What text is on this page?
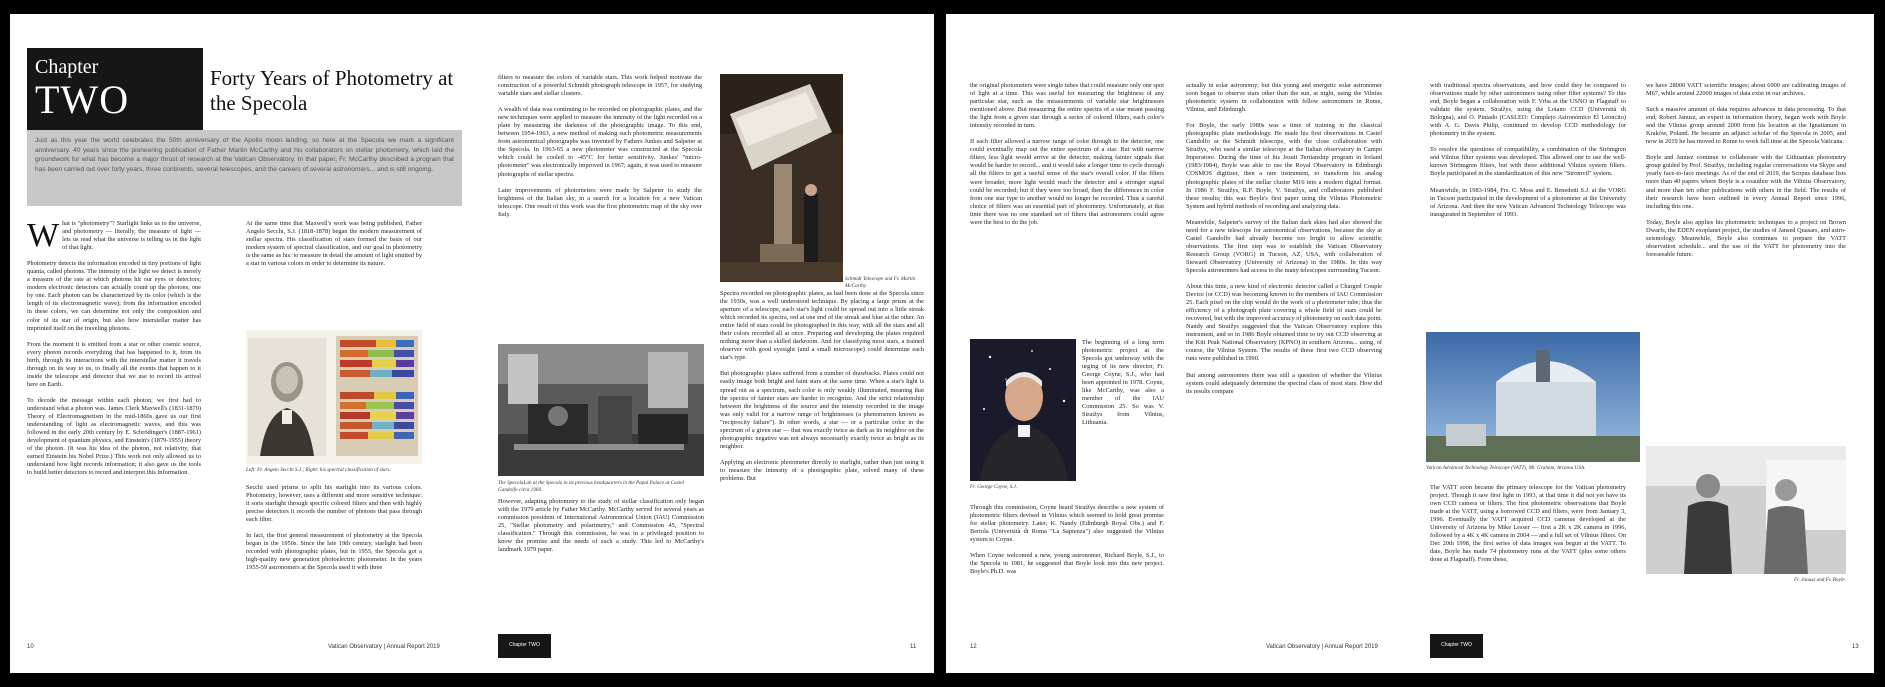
Chapter
TWO	Forty Years of Photometry at the Specola
Just as this year the world celebrates the 50th anniversary of the Apollo moon landing, so here at the Specola we mark a significant anniversary. 40 years since the pioneering publication of Father Martin McCarthy and his collaborators on stellar photometry, which laid the groundwork for what has become a major thrust of research at the Vatican Observatory. In that paper, Fr. McCarthy described a program that has been carried out over forty years, three continents, several telescopes, and the careers of several astronomers... and is still ongoing.

What is "photometry"? Starlight links us to the universe, and photometry — literally, the measure of light — lets us read what the universe is telling us in the light of that light.

Photometry detects the information encoded in tiny portions of light quanta, called photons. The intensity of the light we detect is merely a measure of the rate at which photons hit our eyes or detectors; modern electronic detectors can actually count up the photons, one by one. Each photon can be characterized by its color (which is the length of its electromagnetic wave); from the information encoded in these colors, we can determine not only the composition and color of its star of origin, but also how interstellar matter has imprinted itself on the traveling photons.

From the moment it is emitted from a star or other cosmic source, every photon records everything that has happened to it, from its birth, through its interactions with the interstellar matter it travels through on its way to us, to finally all the events that happen to it inside the telescope and detector that we use to record its arrival here on Earth.

To decode the message within each photon, we first had to understand what a photon was. James Clerk Maxwell's (1831-1879) Theory of Electromagnetism in the mid-1860s gave us our first understanding of light as electromagnetic waves, and this was followed in the early 20th century by E. Schrödinger's (1887-1961) development of quantum physics, and Einstein's (1879-1955) theory of the photon. (It was his idea of the photon, not relativity, that earned Einstein his Nobel Prize.) This work not only allowed us to understand how light records information; it also gave us the tools to build better detectors to record and interpret this information.

At the same time that Maxwell's work was being published, Father Angelo Secchi, S.J. (1818-1878) began the modern measurement of stellar spectra. His classification of stars formed the basis of our modern system of spectral classification, and our goal in photometry is the same as his: to measure in detail the amount of light emitted by a star in various colors in order to determine its nature.

Left: Fr. Angelo Secchi S.J.; Right: his spectral classification of stars.

Secchi used prisms to split his starlight into its various colors. Photometry, however, uses a different and more sensitive technique: it sorts starlight through specific colored filters and then with highly precise detectors it records the number of photons that pass through each filter.

In fact, the first general measurement of photometry at the Specola began in the 1950s. Since the late 19th century, starlight had been recorded with photographic plates, but in 1955, the Specola got a high-quality new generation photoelectric photometer. In the years 1955-59 astronomers at the Specola used it with three

filters to measure the colors of variable stars. This work helped motivate the construction of a powerful Schmidt photograph telescope in 1957, for studying variable stars and stellar clusters.

A wealth of data was continuing to be recorded on photographic plates, and the new techniques were applied to measure the intensity of the light recorded on a plate by measuring the darkness of the photographic image. To this end, between 1954-1963, a new method of making such photometric measurements from astronomical photographs was invented by Fathers Junkes and Salpeter at the Specola. In 1963-65 a new photometer was constructed at the Specola which could be cooled to -45°C for better sensitivity. Junkes' "micro-photometer" was electronically improved in 1967; again, it was used to measure photographs of stellar spectra.

Later improvements of photometers were made by Salpeter to study the brightness of the Italian sky, in a search for a location for a new Vatican telescope. One result of this work was the first photometric map of the sky over Italy.

The SpecolaLab at the Specola in its previous headquarters in the Papal Palace at Castel Gandolfo circa 1960.

However, adapting photometry to the study of stellar classification only began with the 1979 article by Father McCarthy. McCarthy served for several years as commission president of International Astronomical Union (IAU) Commission 25, "Stellar photometry and polarimetry," and Commission 45, "Spectral classification." Through this commission, he was in a privileged position to know the promise and the needs of such a study. This led to McCarthy's landmark 1979 paper.

Schmidt Telescope and Fr. Martin McCarthy.

Spectra recorded on photographic plates, as had been done at the Specola since the 1930s, was a well understood technique. By placing a large prism at the aperture of a telescope, each star's light could be spread out into a little streak which recorded its spectra, red at one end of the streak and blue at the other. An entire field of stars could be photographed in this way, with all the stars and all their colors recorded all at once. Preparing and developing the plates required nothing more than a skilled darkroom. And for classifying most stars, a trained observer with good eyesight (and a small microscope) could determine each star's type.

But photographic plates suffered from a number of drawbacks. Plates could not easily image both bright and faint stars at the same time. When a star's light is spread out as a spectrum, each color is only weakly illuminated, meaning that the spectra of fainter stars are harder to recognize. And the strict relationship between the brightness of the source and the intensity recorded in the image was only valid for a narrow range of brightnesses (a phenomenon known as "reciprocity failure"). In other words, a star — or a particular color in the spectrum of a given star — that was exactly twice as dark as its neighbor on the photographic negative was not always necessarily exactly twice as bright as its neighbor.

Applying an electronic photometer directly to starlight, rather than just using it to measure the intensity of a photographic plate, solved many of these problems. But

10	Vatican Observatory | Annual Report 2019	Chapter TWO	11

the original photometers were single tubes that could measure only one spot of light at a time. This was useful for measuring the brightness of any particular star, such as the measurements of variable star brightnesses mentioned above. But measuring the entire spectra of a star meant passing the light from a given star through a series of colored filters, each color's intensity recorded in turn.

If each filter allowed a narrow range of color through to the detector, one could eventually map out the entire spectrum of a star. But with narrow filters, less light would arrive at the detector, making fainter signals that would be harder to record... and it would take a longer time to cycle through all the filters to get a useful sense of the star's overall color. If the filters were broader, more light would reach the detector and a stronger signal could be recorded; but if they were too broad, then the differences in color from one star type to another would no longer be recorded. Thus a careful choice of filters was an essential part of photometry. Unfortunately, at that time there was no one standard set of filters that astronomers could agree were the best to do the job.

Fr. George Coyne, S.J.

The beginning of a long term photometric project at the Specola got underway with the urging of its new director, Fr. George Coyne, S.J., who had been appointed in 1978. Coyne, like McCarthy, was also a member of the IAU Commission 25. So was V. Straižys from Vilnius, Lithuania.

Through this commission, Coyne heard Straižys describe a new system of photometric filters devised in Vilnius which seemed to hold great promise for stellar photometry. Later, K. Nandy (Edinburgh Royal Obs.) and F. Bertola (Università di Roma "La Sapienza") also suggested the Vilnius system to Coyne.

When Coyne welcomed a new, young astronomer, Richard Boyle, S.J., to the Specola in 1981, he suggested that Boyle look into this new project. Boyle's Ph.D. was

actually in solar astronomy; but this young and energetic solar astronomer soon began to observe stars other than the sun, at night, using the Vilnius photometric system in collaboration with fellow astronomers in Rome, Vilnius, and Edinburgh.

For Boyle, the early 1980s was a time of training in the classical photographic plate methodology. He made his first observations in Castel Gandolfo at the Schmidt telescope, with the close collaboration with Straižys, who used a similar telescope at the Italian observatory in Campo Imperatore. During the time of his Jesuit Tertianship program in Ireland (1983/1984), Boyle was able to use the Royal Observatory in Edinburgh COSMOS digitizer, then a rare instrument, to transform his analog photographic plates of the stellar cluster M16 into a modern digital format. In 1986 F. Straižys, R.P. Boyle, V. Straižys, and collaborators published these results; this was Boyle's first paper using the Vilnius Photometric System and hybrid methods of recording and analyzing data.

Meanwhile, Salpeter's survey of the Italian dark skies had also showed the need for a new telescope for astronomical observations, because the sky at Castel Gandolfo had already become too bright to allow scientific observations. The first step was to establish the Vatican Observatory Research Group (VORG) in Tucson, AZ, USA, with collaboration of Steward Observatory (University of Arizona) in the 1980s. In this way Specola astronomers had access to the many telescopes surrounding Tucson.

About this time, a new kind of electronic detector called a Charged Couple Device (or CCD) was becoming known to the members of IAU Commission 25. Each pixel on the chip would do the work of a photometer tube; thus the efficiency of a photograph plate covering a whole field of stars could be recovered, but with the improved accuracy of photometry on each data point. Nandy and Straižys suggested that the Vatican Observatory explore this instrument, and so in 1986 Boyle obtained time to try out CCD observing at the Kitt Peak National Observatory (KPNO) in southern Arizona... using, of course, the Vilnius System. The results of these first two CCD observing runs were published in 1990.

But among astronomers there was still a question of whether the Vilnius system could adequately determine the spectral class of most stars. How did its results compare

with traditional spectra observations, and how could they be compared to observations made by other astronomers using other filter systems? To this end, Boyle began a collaboration with F. Vrba at the USNO in Flagstaff to validate the system. Straižys, using the Loiano CCD (Università di Bologna), and O. Pintado (CASLEO: Complejo Astronómico El Leoncito) with A. G. Davis Philip, continued to develop CCD methodology for photometry in the system.

To resolve the questions of compatibility, a combination of the Strömgren and Vilnius filter systems was developed. This allowed one to use the well-known Strömgren filters, but with three additional Vilnius system filters. Boyle participated in the standardization of this new "Stromvil" system.

Meanwhile, in 1983-1984, Frs. C. Moss and E. Benedetti S.J. at the VORG in Tucson participated in the development of a photometer at the University of Arizona. And then the new Vatican Advanced Technology Telescope was inaugurated in September of 1993.

Vatican Advanced Technology Telescope (VATT), Mt. Graham, Arizona USA.

The VATT soon became the primary telescope for the Vatican photometry project. Though it saw first light in 1993, at that time it did not yet have its own CCD camera or filters. The first photometric observations that Boyle made at the VATT, using a borrowed CCD and filters, were from January 3, 1996. Eventually the VATT acquired CCD cameras developed at the University of Arizona by Mike Lesser — first a 2K x 2K camera in 1996, followed by a 4K x 4K camera in 2004 — and a full set of Vilnius filters. On Dec 20th 1998, the first series of data images was begun at the VATT. To date, Boyle has made 74 photometry runs at the VATT (plus some others done at Flagstaff). From these,

we have 28000 VATT scientific images; about 6000 are calibrating images of M67, while around 22000 images of data exist in our archives.

Such a massive amount of data requires advances in data processing. To that end, Robert Janusz, an expert in information theory, began work with Boyle and the Vilnius group around 2000 from his location at the Ignatianum in Kraków, Poland. He became an adjunct scholar of the Specola in 2005, and now in 2019 he has moved to Rome to work full time at the Specola Vaticana.

Boyle and Janusz continue to collaborate with the Lithuanian photometry group guided by Prof. Straižys, including regular conversations via Skype and yearly face-to-face meetings. As of the end of 2019, the Scopus database lists more than 40 papers where Boyle is a coauthor with the Vilnius Observatory, and more than ten other publications with others in the field. The results of their research have been outlined in every Annual Report since 1996, including this one.

Today, Boyle also applies his photometric techniques to a project on Brown Dwarfs, the EDEN exoplanet project, the studies of Jansed Quasars, and astro-seismology. Meanwhile, Boyle also continues to prepare the VATT observation schedule... and the use of the VATT for photometry into the foreseeable future.

Fr. Janusz and Fr. Boyle.
12	Vatican Observatory | Annual Report 2019	Chapter TWO	13
